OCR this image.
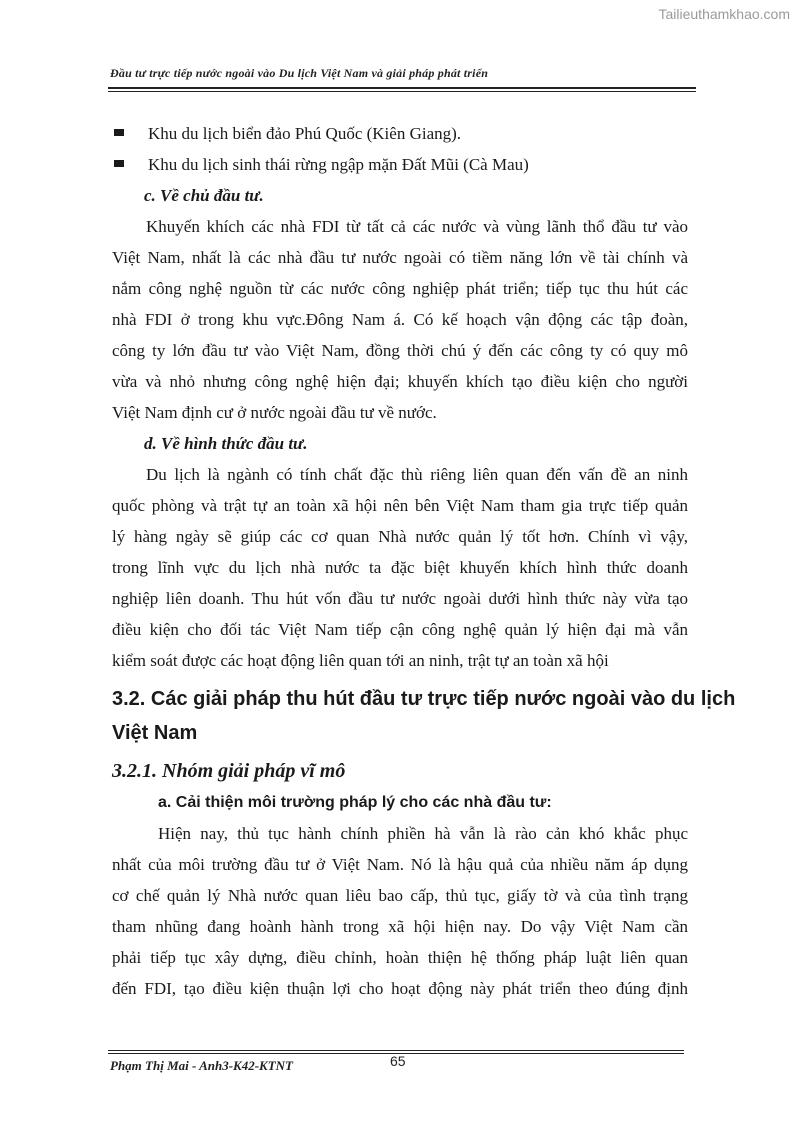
Tailieuthamkhao.com
Đầu tư trực tiếp nước ngoài vào Du lịch Việt Nam và giải pháp phát triển
Khu du lịch biển đảo Phú Quốc (Kiên Giang).
Khu du lịch sinh thái rừng ngập mặn Đất Mũi (Cà Mau)
c. Về chủ đầu tư.
Khuyến khích các nhà FDI từ tất cả các nước và vùng lãnh thổ đầu tư vào
Việt Nam, nhất là các nhà đầu tư nước ngoài có tiềm năng lớn về tài chính và
nắm công nghệ nguồn từ các nước công nghiệp phát triển; tiếp tục thu hút các
nhà FDI ở trong khu vực.Đông Nam á. Có kế hoạch vận động các tập đoàn,
công ty lớn đầu tư vào Việt Nam, đồng thời chú ý đến các công ty có quy mô
vừa và nhỏ nhưng công nghệ hiện đại; khuyến khích tạo điều kiện cho người
Việt Nam định cư ở nước ngoài đầu tư về nước.
d. Về hình thức đầu tư.
Du lịch là ngành có tính chất đặc thù riêng liên quan đến vấn đề an ninh
quốc phòng và trật tự an toàn xã hội nên bên Việt Nam tham gia trực tiếp quản
lý hàng ngày sẽ giúp các cơ quan Nhà nước quản lý tốt hơn. Chính vì vậy,
trong lĩnh vực du lịch nhà nước ta đặc biệt khuyến khích hình thức doanh
nghiệp liên doanh. Thu hút vốn đầu tư nước ngoài dưới hình thức này vừa tạo
điều kiện cho đối tác Việt Nam tiếp cận công nghệ quản lý hiện đại mà vẫn
kiểm soát được các hoạt động liên quan tới an ninh, trật tự an toàn xã hội
3.2. Các giải pháp thu hút đầu tư trực tiếp nước ngoài vào du lịch
Việt Nam
3.2.1. Nhóm giải pháp vĩ mô
a. Cải thiện môi trường pháp lý cho các nhà đầu tư:
Hiện nay, thủ tục hành chính phiền hà vẫn là rào cản khó khắc phục
nhất của môi trường đầu tư ở Việt Nam. Nó là hậu quả của nhiều năm áp dụng
cơ chế quản lý Nhà nước quan liêu bao cấp, thủ tục, giấy tờ và của tình trạng
tham nhũng đang hoành hành trong xã hội hiện nay. Do vậy Việt Nam cần
phải tiếp tục xây dựng, điều chỉnh, hoàn thiện hệ thống pháp luật liên quan
đến FDI, tạo điều kiện thuận lợi cho hoạt động này phát triển theo đúng định
Phạm Thị Mai - Anh3-K42-KTNT	65
